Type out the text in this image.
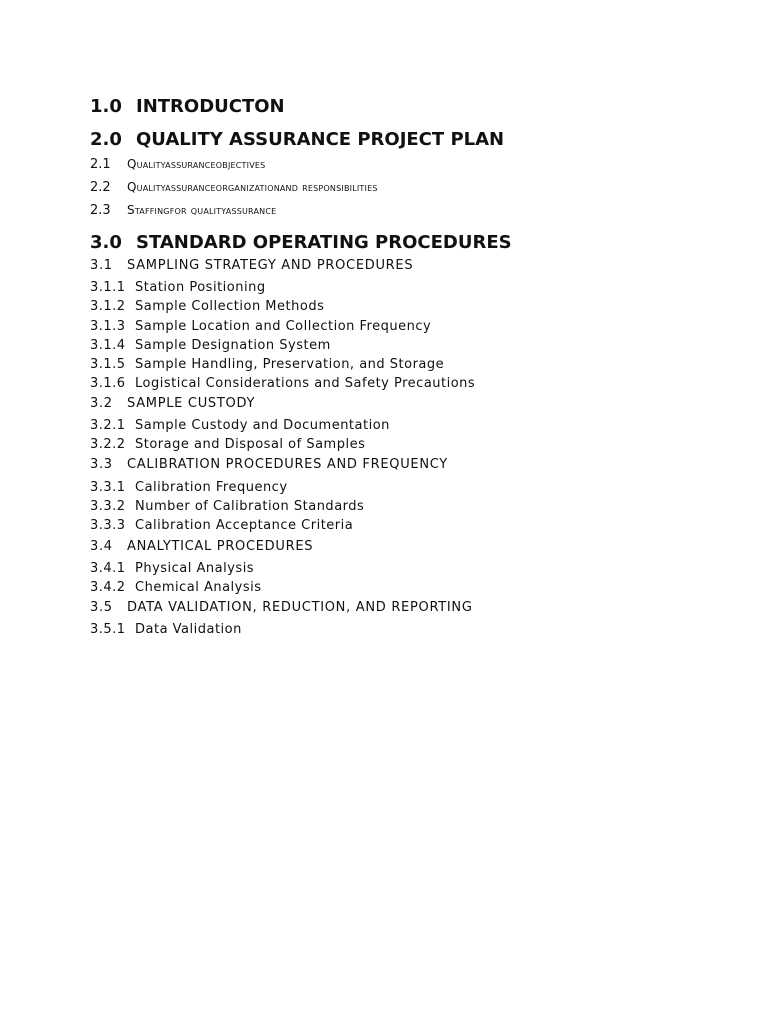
1.0 INTRODUCTON
2.0 QUALITY ASSURANCE PROJECT PLAN
2.1	Qualityassuranceobjectives
2.2	Qualityassuranceorganizationand responsibilities
2.3	Staffingfor qualityassurance
3.0 STANDARD OPERATING PROCEDURES
3.1	SAMPLING STRATEGY AND PROCEDURES
3.1.1 Station Positioning
3.1.2 Sample Collection Methods
3.1.3 Sample Location and Collection Frequency
3.1.4 Sample Designation System
3.1.5 Sample Handling, Preservation, and Storage
3.1.6 Logistical Considerations and Safety Precautions
3.2	SAMPLE CUSTODY
3.2.1 Sample Custody and Documentation
3.2.2 Storage and Disposal of Samples
3.3	CALIBRATION PROCEDURES AND FREQUENCY
3.3.1 Calibration Frequency
3.3.2 Number of Calibration Standards
3.3.3 Calibration Acceptance Criteria
3.4	ANALYTICAL PROCEDURES
3.4.1 Physical Analysis
3.4.2 Chemical Analysis
3.5	DATA VALIDATION, REDUCTION, AND REPORTING
3.5.1 Data Validation
